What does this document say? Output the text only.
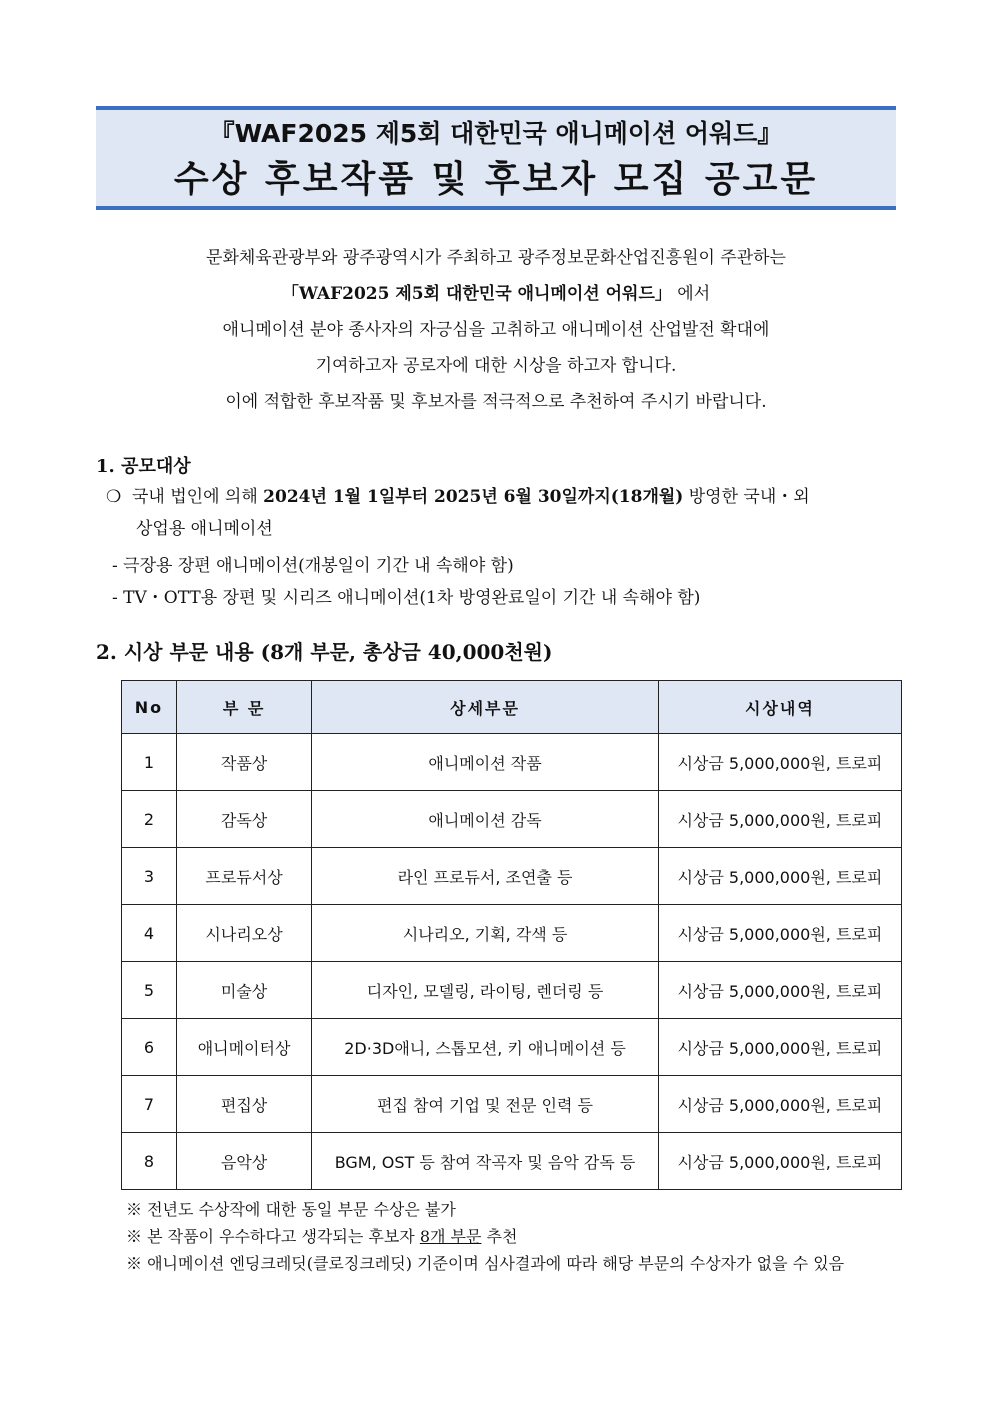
『WAF2025 제5회 대한민국 애니메이션 어워드』
수상 후보작품 및 후보자 모집 공고문
문화체육관광부와 광주광역시가 주최하고 광주정보문화산업진흥원이 주관하는
「WAF2025 제5회 대한민국 애니메이션 어워드」 에서
애니메이션 분야 종사자의 자긍심을 고취하고 애니메이션 산업발전 확대에
기여하고자 공로자에 대한 시상을 하고자 합니다.
이에 적합한 후보작품 및 후보자를 적극적으로 추천하여 주시기 바랍니다.
1. 공모대상
❍ 국내 법인에 의해 2024년 1월 1일부터 2025년 6월 30일까지(18개월) 방영한 국내・외
상업용 애니메이션
- 극장용 장편 애니메이션(개봉일이 기간 내 속해야 함)
- TV・OTT용 장편 및 시리즈 애니메이션(1차 방영완료일이 기간 내 속해야 함)
2. 시상 부문 내용 (8개 부문, 총상금 40,000천원)
No	부 문	상세부문	시상내역
1	작품상	애니메이션 작품	시상금 5,000,000원, 트로피
2	감독상	애니메이션 감독	시상금 5,000,000원, 트로피
3	프로듀서상	라인 프로듀서, 조연출 등	시상금 5,000,000원, 트로피
4	시나리오상	시나리오, 기획, 각색 등	시상금 5,000,000원, 트로피
5	미술상	디자인, 모델링, 라이팅, 렌더링 등	시상금 5,000,000원, 트로피
6	애니메이터상	2D·3D애니, 스톱모션, 키 애니메이션 등	시상금 5,000,000원, 트로피
7	편집상	편집 참여 기업 및 전문 인력 등	시상금 5,000,000원, 트로피
8	음악상	BGM, OST 등 참여 작곡자 및 음악 감독 등	시상금 5,000,000원, 트로피
※ 전년도 수상작에 대한 동일 부문 수상은 불가
※ 본 작품이 우수하다고 생각되는 후보자 8개 부문 추천
※ 애니메이션 엔딩크레딧(클로징크레딧) 기준이며 심사결과에 따라 해당 부문의 수상자가 없을 수 있음
